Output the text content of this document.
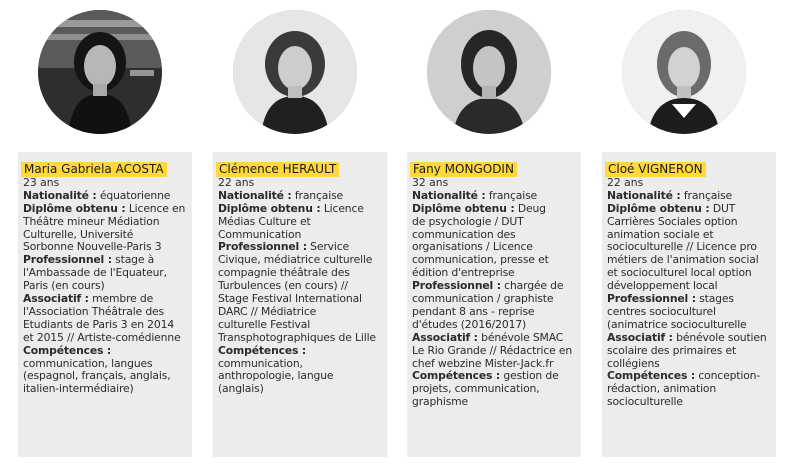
Maria Gabriela ACOSTA
23 ans
Nationalité : équatorienne
Diplôme obtenu : Licence en
Théâtre mineur Médiation
Culturelle, Université
Sorbonne Nouvelle-Paris 3
Professionnel : stage à
l'Ambassade de l'Equateur,
Paris (en cours)
Associatif : membre de
l'Association Théâtrale des
Etudiants de Paris 3 en 2014
et 2015 // Artiste-comédienne
Compétences :
communication, langues
(espagnol, français, anglais,
italien-intermédiaire)
Clémence HERAULT
22 ans
Nationalité : française
Diplôme obtenu : Licence
Médias Culture et
Communication
Professionnel : Service
Civique, médiatrice culturelle
compagnie théâtrale des
Turbulences (en cours) //
Stage Festival International
DARC // Médiatrice
culturelle Festival
Transphotographiques de Lille
Compétences :
communication,
anthropologie, langue
(anglais)
Fany MONGODIN
32 ans
Nationalité : française
Diplôme obtenu : Deug
de psychologie / DUT
communication des
organisations / Licence
communication, presse et
édition d'entreprise
Professionnel : chargée de
communication / graphiste
pendant 8 ans - reprise
d'études (2016/2017)
Associatif : bénévole SMAC
Le Rio Grande // Rédactrice en
chef webzine Mister-Jack.fr
Compétences : gestion de
projets, communication,
graphisme
Cloé VIGNERON
22 ans
Nationalité : française
Diplôme obtenu : DUT
Carrières Sociales option
animation sociale et
socioculturelle // Licence pro
métiers de l'animation social
et socioculturel local option
développement local
Professionnel : stages
centres socioculturel
(animatrice socioculturelle
Associatif : bénévole soutien
scolaire des primaires et
collégiens
Compétences : conception-
rédaction, animation
socioculturelle
